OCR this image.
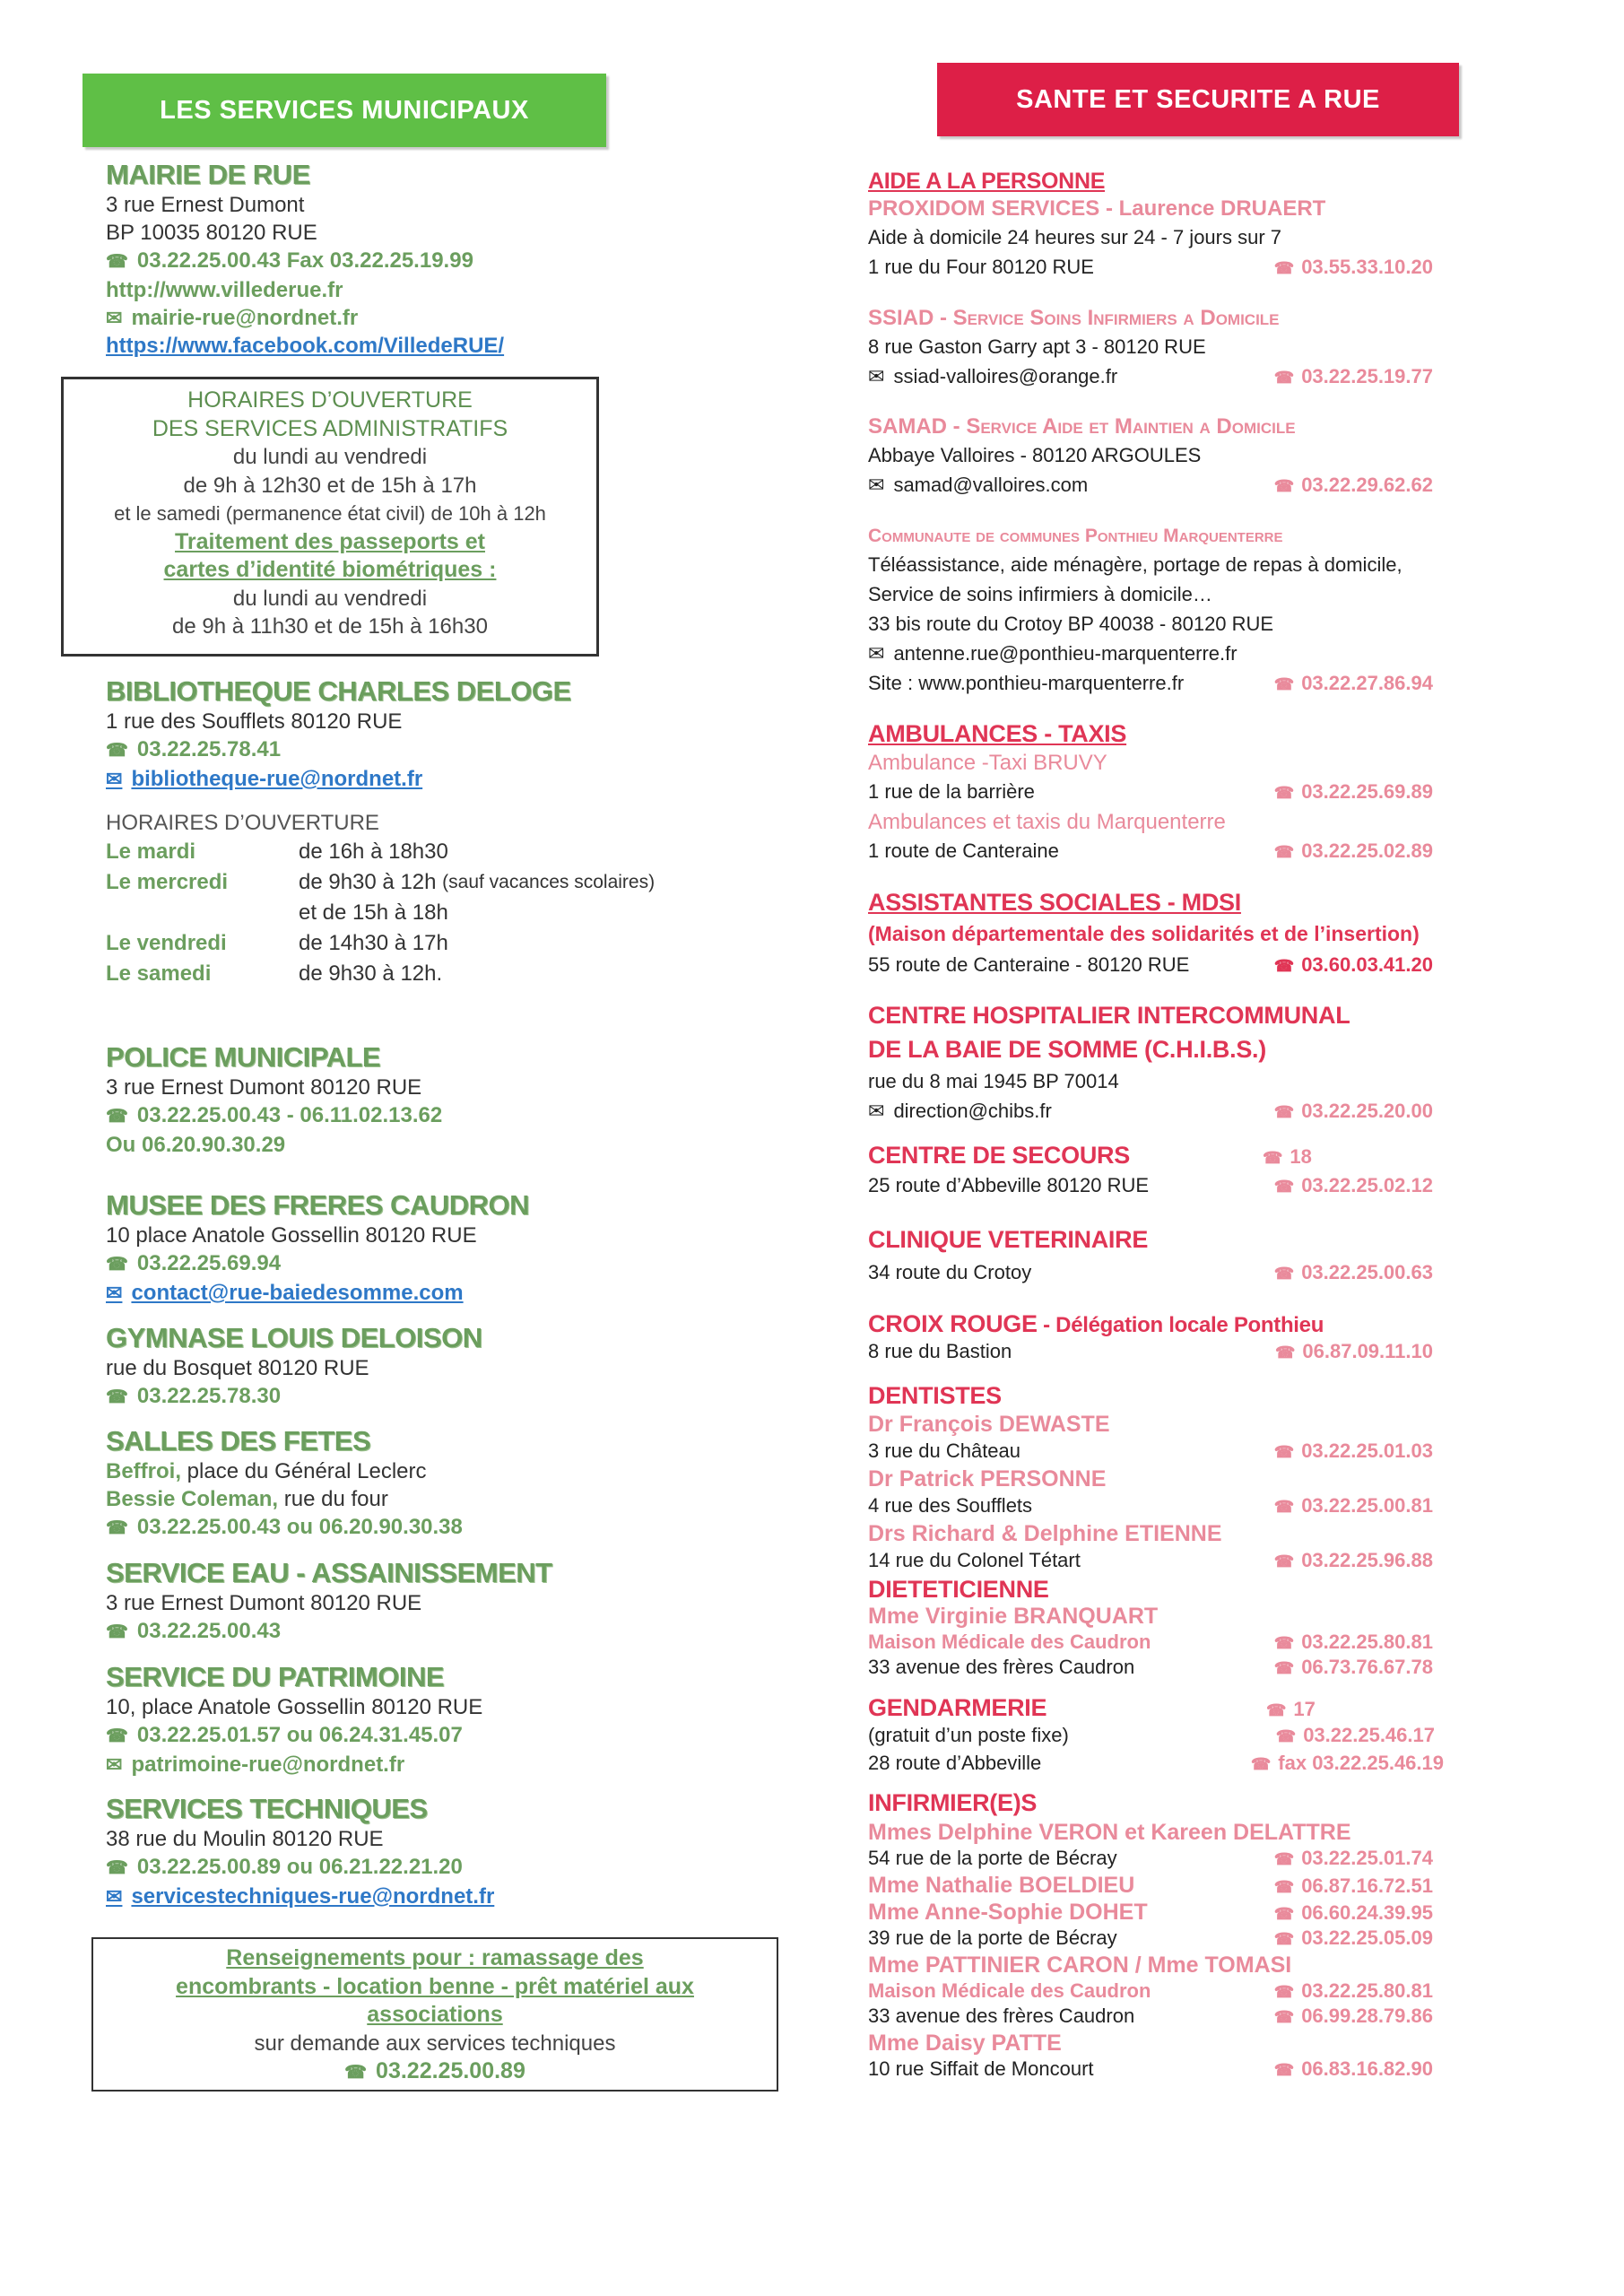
LES SERVICES MUNICIPAUX	SANTE ET SECURITE A RUE
MAIRIE DE RUE
3 rue Ernest Dumont
BP 10035 80120 RUE
☎ 03.22.25.00.43 Fax 03.22.25.19.99
http://www.villederue.fr
✉ mairie-rue@nordnet.fr
https://www.facebook.com/VilledeRUE/
HORAIRES D’OUVERTURE
DES SERVICES ADMINISTRATIFS
du lundi au vendredi
de 9h à 12h30 et de 15h à 17h
et le samedi (permanence état civil) de 10h à 12h
Traitement des passeports et
cartes d’identité biométriques :
du lundi au vendredi
de 9h à 11h30 et de 15h à 16h30
BIBLIOTHEQUE CHARLES DELOGE
1 rue des Soufflets 80120 RUE
☎ 03.22.25.78.41
✉ bibliotheque-rue@nordnet.fr
HORAIRES D’OUVERTURE
Le mardi	de 16h à 18h30
Le mercredi	de 9h30 à 12h
(sauf vacances scolaires)
et de 15h à 18h
Le vendredi	de 14h30 à 17h
Le samedi	de 9h30 à 12h.
POLICE MUNICIPALE
3 rue Ernest Dumont 80120 RUE
☎ 03.22.25.00.43 - 06.11.02.13.62
Ou 06.20.90.30.29
MUSEE DES FRERES CAUDRON
10 place Anatole Gossellin 80120 RUE
☎ 03.22.25.69.94
✉ contact@rue-baiedesomme.com
GYMNASE LOUIS DELOISON
rue du Bosquet 80120 RUE
☎ 03.22.25.78.30
SALLES DES FETES
Beffroi, place du Général Leclerc
Bessie Coleman, rue du four
☎ 03.22.25.00.43 ou 06.20.90.30.38
SERVICE EAU - ASSAINISSEMENT
3 rue Ernest Dumont 80120 RUE
☎ 03.22.25.00.43
SERVICE DU PATRIMOINE
10, place Anatole Gossellin 80120 RUE
☎ 03.22.25.01.57 ou 06.24.31.45.07
✉ patrimoine-rue@nordnet.fr
SERVICES TECHNIQUES
38 rue du Moulin 80120 RUE
☎ 03.22.25.00.89 ou 06.21.22.21.20
✉ servicestechniques-rue@nordnet.fr
Renseignements pour : ramassage des
encombrants - location benne - prêt matériel aux
associations
sur demande aux services techniques
☎ 03.22.25.00.89
AIDE A LA PERSONNE
PROXIDOM SERVICES - Laurence DRUAERT
Aide à domicile 24 heures sur 24 - 7 jours sur 7
1 rue du Four 80120 RUE	☎ 03.55.33.10.20
SSIAD - Service Soins Infirmiers a Domicile
8 rue Gaston Garry apt 3 - 80120 RUE
✉ ssiad-valloires@orange.fr	☎ 03.22.25.19.77
SAMAD - Service Aide et Maintien a Domicile
Abbaye Valloires - 80120 ARGOULES
✉ samad@valloires.com	☎ 03.22.29.62.62
Communaute de communes Ponthieu Marquenterre
Téléassistance, aide ménagère, portage de repas à domicile,
Service de soins infirmiers à domicile…
33 bis route du Crotoy BP 40038 - 80120 RUE
✉ antenne.rue@ponthieu-marquenterre.fr
Site : www.ponthieu-marquenterre.fr	☎ 03.22.27.86.94
AMBULANCES - TAXIS
Ambulance -Taxi BRUVY
1 rue de la barrière	☎ 03.22.25.69.89
Ambulances et taxis du Marquenterre
1 route de Canteraine	☎ 03.22.25.02.89
ASSISTANTES SOCIALES - MDSI
(Maison départementale des solidarités et de l’insertion)
55 route de Canteraine - 80120 RUE	☎ 03.60.03.41.20
CENTRE HOSPITALIER INTERCOMMUNAL
DE LA BAIE DE SOMME (C.H.I.B.S.)
rue du 8 mai 1945 BP 70014
✉ direction@chibs.fr	☎ 03.22.25.20.00
CENTRE DE SECOURS	☎ 18
25 route d’Abbeville 80120 RUE	☎ 03.22.25.02.12
CLINIQUE VETERINAIRE
34 route du Crotoy	☎ 03.22.25.00.63
CROIX ROUGE - Délégation locale Ponthieu
8 rue du Bastion	☎ 06.87.09.11.10
DENTISTES
Dr François DEWASTE
3 rue du Château	☎ 03.22.25.01.03
Dr Patrick PERSONNE
4 rue des Soufflets	☎ 03.22.25.00.81
Drs Richard & Delphine ETIENNE
14 rue du Colonel Tétart	☎ 03.22.25.96.88
DIETETICIENNE
Mme Virginie BRANQUART
Maison Médicale des Caudron	☎ 03.22.25.80.81
33 avenue des frères Caudron	☎ 06.73.76.67.78
GENDARMERIE	☎ 17
(gratuit d’un poste fixe)	☎ 03.22.25.46.17
28 route d’Abbeville	☎ fax 03.22.25.46.19
INFIRMIER(E)S
Mmes Delphine VERON et Kareen DELATTRE
54 rue de la porte de Bécray	☎ 03.22.25.01.74
Mme Nathalie BOELDIEU	☎ 06.87.16.72.51
Mme Anne-Sophie DOHET	☎ 06.60.24.39.95
39 rue de la porte de Bécray	☎ 03.22.25.05.09
Mme PATTINIER CARON / Mme TOMASI
Maison Médicale des Caudron	☎ 03.22.25.80.81
33 avenue des frères Caudron	☎ 06.99.28.79.86
Mme Daisy PATTE
10 rue Siffait de Moncourt	☎ 06.83.16.82.90
